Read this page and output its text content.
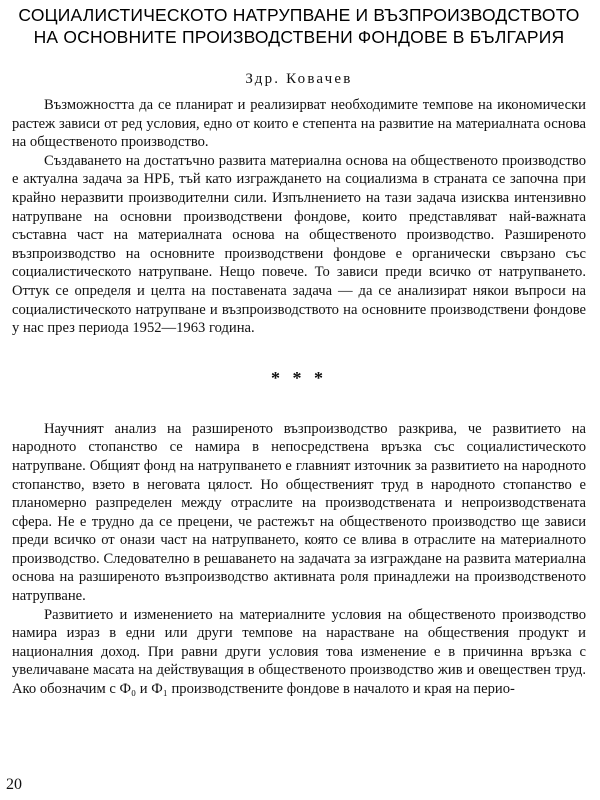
СОЦИАЛИСТИЧЕСКОТО НАТРУПВАНЕ И ВЪЗПРОИЗВОДСТВОТО
НА ОСНОВНИТЕ ПРОИЗВОДСТВЕНИ ФОНДОВЕ В БЪЛГАРИЯ
Здр. Ковачев

Възможността да се планират и реализирват необходимите темпове на икономически растеж зависи от ред условия, едно от които е степента на развитие на материалната основа на общественото производство.

Създаването на достатъчно развита материална основа на общественото производство е актуална задача за НРБ, тъй като изграждането на социализма в страната се започна при крайно неразвити производителни сили. Изпълнението на тази задача изисква интензивно натрупване на основни производствени фондове, които представляват най-важната съставна част на материалната основа на общественото производство. Разширеното възпроизводство на основните производствени фондове е органически свързано със социалистическото натрупване. Нещо повече. То зависи преди всичко от натрупването. Оттук се определя и целта на поставената задача — да се анализират някои въпроси на социалистическото натрупване и възпроизводството на основните производствени фондове у нас през периода 1952—1963 година.

* * *

Научният анализ на разширеното възпроизводство разкрива, че развитието на народното стопанство се намира в непосредствена връзка със социалистическото натрупване. Общият фонд на натрупването е главният източник за развитието на народното стопанство, взето в неговата цялост. Но общественият труд в народното стопанство е планомерно разпределен между отраслите на производствената и непроизводствената сфера. Не е трудно да се прецени, че растежът на общественото производство ще зависи преди всичко от онази част на натрупването, която се влива в отраслите на материалното производство. Следователно в решаването на задачата за изграждане на развита материална основа на разширеното възпроизводство активната роля принадлежи на производственото натрупване.

Развитието и изменението на материалните условия на общественото производство намира израз в едни или други темпове на нарастване на обществения продукт и националния доход. При равни други условия това изменение е в причинна връзка с увеличаване масата на действуващия в общественото производство жив и овеществен труд. Ако обозначим с Ф₀ и Ф₁ производствените фондове в началото и края на перио-

20
